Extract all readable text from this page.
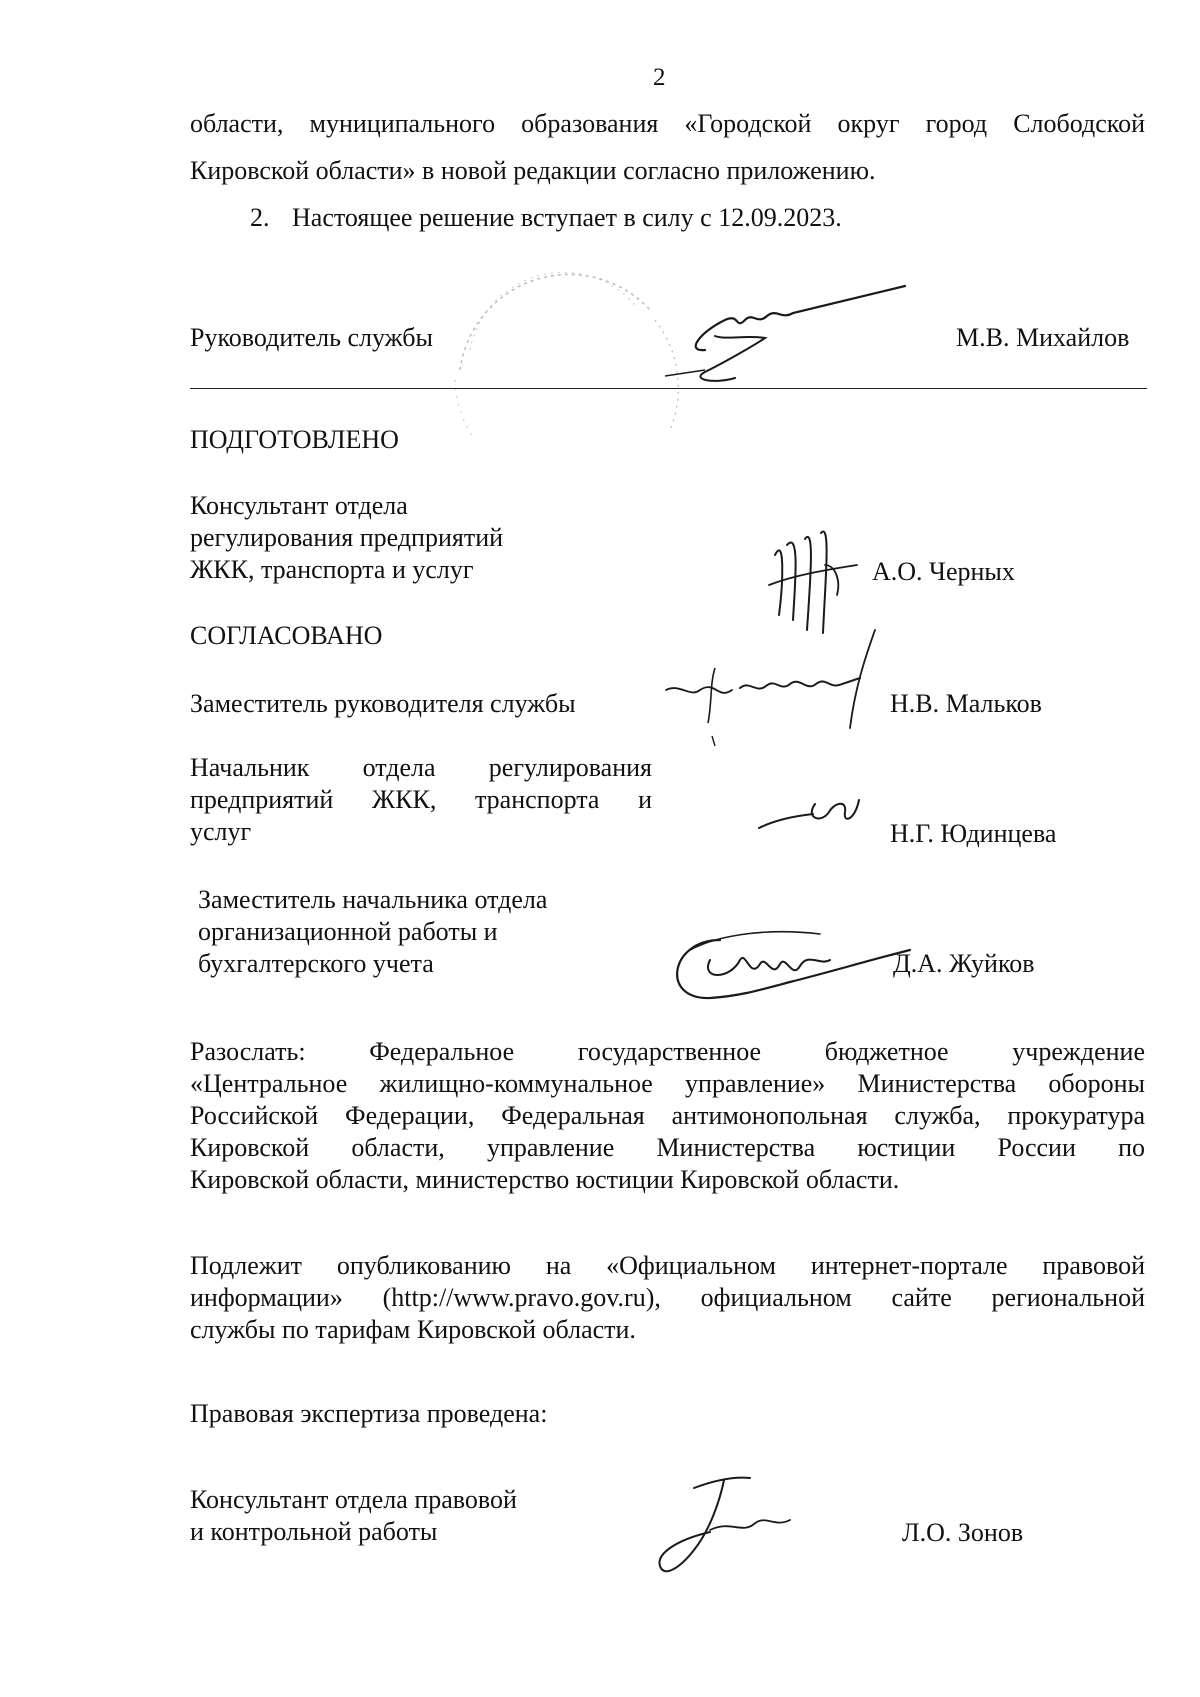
2
области, муниципального образования «Городской округ город Слободской
Кировской области» в новой редакции согласно приложению.
2. Настоящее решение вступает в силу с 12.09.2023.
Руководитель службы	М.В. Михайлов
ПОДГОТОВЛЕНО
Консультант отдела
регулирования предприятий
ЖКК, транспорта и услуг	А.О. Черных
СОГЛАСОВАНО
Заместитель руководителя службы	Н.В. Мальков
Начальник отдела регулирования
предприятий ЖКК, транспорта и
услуг	Н.Г. Юдинцева
Заместитель начальника отдела
организационной работы и
бухгалтерского учета	Д.А. Жуйков
Разослать: Федеральное государственное бюджетное учреждение
«Центральное жилищно-коммунальное управление» Министерства обороны
Российской Федерации, Федеральная антимонопольная служба, прокуратура
Кировской области, управление Министерства юстиции России по
Кировской области, министерство юстиции Кировской области.
Подлежит опубликованию на «Официальном интернет-портале правовой
информации» (http://www.pravo.gov.ru), официальном сайте региональной
службы по тарифам Кировской области.
Правовая экспертиза проведена:
Консультант отдела правовой
и контрольной работы	Л.О. Зонов
